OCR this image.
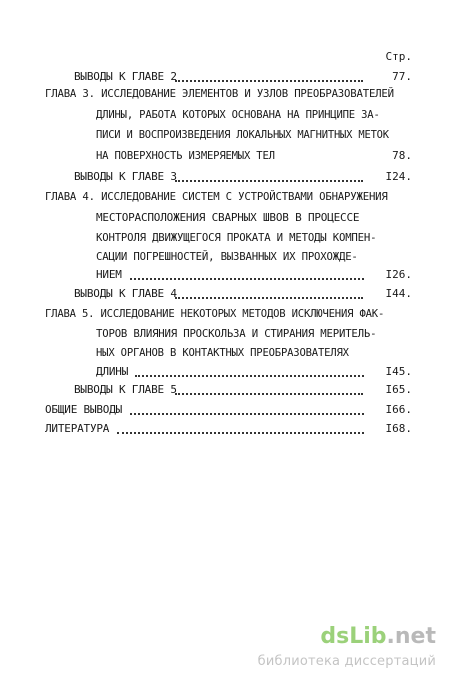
Стр.
ВЫВОДЫ К ГЛАВЕ 2	77.
ГЛАВА 3. ИССЛЕДОВАНИЕ ЭЛЕМЕНТОВ И УЗЛОВ ПРЕОБРАЗОВАТЕЛЕЙ
ДЛИНЫ, РАБОТА КОТОРЫХ ОСНОВАНА НА ПРИНЦИПЕ ЗА-
ПИСИ И ВОСПРОИЗВЕДЕНИЯ ЛОКАЛЬНЫХ МАГНИТНЫХ МЕТОК
НА ПОВЕРХНОСТЬ ИЗМЕРЯЕМЫХ ТЕЛ	78.
ВЫВОДЫ К ГЛАВЕ 3	I24.
ГЛАВА 4. ИССЛЕДОВАНИЕ СИСТЕМ С УСТРОЙСТВАМИ ОБНАРУЖЕНИЯ
МЕСТОРАСПОЛОЖЕНИЯ СВАРНЫХ ШВОВ В ПРОЦЕССЕ
КОНТРОЛЯ ДВИЖУЩЕГОСЯ ПРОКАТА И МЕТОДЫ КОМПЕН-
САЦИИ ПОГРЕШНОСТЕЙ, ВЫЗВАННЫХ ИХ ПРОХОЖДЕ-
НИЕМ	I26.
ВЫВОДЫ К ГЛАВЕ 4	I44.
ГЛАВА 5. ИССЛЕДОВАНИЕ НЕКОТОРЫХ МЕТОДОВ ИСКЛЮЧЕНИЯ ФАК-
ТОРОВ ВЛИЯНИЯ ПРОСКОЛЬЗА И СТИРАНИЯ МЕРИТЕЛЬ-
НЫХ ОРГАНОВ В КОНТАКТНЫХ ПРЕОБРАЗОВАТЕЛЯХ
ДЛИНЫ	I45.
ВЫВОДЫ К ГЛАВЕ 5	I65.
ОБЩИЕ ВЫВОДЫ	I66.
ЛИТЕРАТУРА	I68.
dsLib.net
библиотека диссертаций
